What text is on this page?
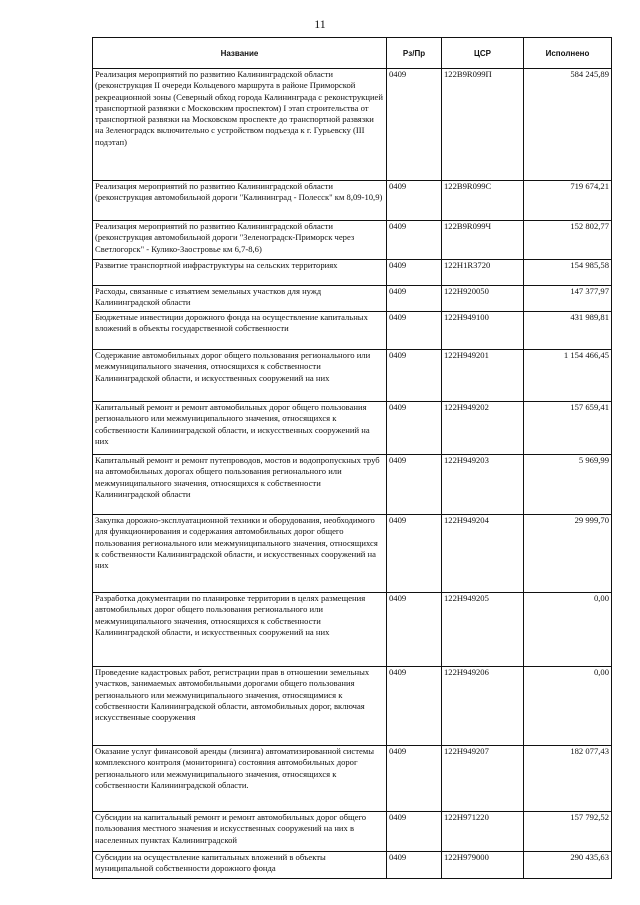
11
Название	Рз/Пр	ЦСР	Исполнено
Реализация мероприятий по развитию Калининградской области (реконструкция II очереди Кольцевого маршрута в районе Приморской рекреационной зоны (Северный обход города Калининграда с реконструкцией транспортной развязки с Московским проспектом) I этап строительства от транспортной развязки на Московском проспекте до транспортной развязки на Зеленоградск включительно с устройством подъезда к г. Гурьевску (III подэтап)	0409	122B9R099П	584 245,89
Реализация мероприятий по развитию Калининградской области (реконструкция автомобильной дороги "Калининград - Полесск" км 8,09-10,9)	0409	122B9R099C	719 674,21
Реализация мероприятий по развитию Калининградской области (реконструкция автомобильной дороги "Зеленоградск-Приморск через Светлогорск" - Кулико-Заостровье км 6,7-8,6)	0409	122B9R099Ч	152 802,77
Развитие транспортной инфраструктуры на сельских территориях	0409	122H1R3720	154 985,58
Расходы, связанные с изъятием земельных участков для нужд Калининградской области	0409	122H920050	147 377,97
Бюджетные инвестиции дорожного фонда на осуществление капитальных вложений в объекты государственной собственности	0409	122H949100	431 989,81
Содержание автомобильных дорог общего пользования регионального или межмуниципального значения, относящихся к собственности Калининградской области, и искусственных сооружений на них	0409	122H949201	1 154 466,45
Капитальный ремонт и ремонт автомобильных дорог общего пользования регионального или межмуниципального значения, относящихся к собственности Калининградской области, и искусственных сооружений на них	0409	122H949202	157 659,41
Капитальный ремонт и ремонт путепроводов, мостов и водопропускных труб на автомобильных дорогах общего пользования регионального или межмуниципального значения, относящихся к собственности Калининградской области	0409	122H949203	5 969,99
Закупка дорожно-эксплуатационной техники и оборудования, необходимого для функционирования и содержания автомобильных дорог общего пользования регионального или межмуниципального значения, относящихся к собственности Калининградской области, и искусственных сооружений на них	0409	122H949204	29 999,70
Разработка документации по планировке территории в целях размещения автомобильных дорог общего пользования регионального или межмуниципального значения, относящихся к собственности Калининградской области, и искусственных сооружений на них	0409	122H949205	0,00
Проведение кадастровых работ, регистрации прав в отношении земельных участков, занимаемых автомобильными дорогами общего пользования регионального или межмуниципального значения, относящимися к собственности Калининградской области, автомобильных дорог, включая искусственные сооружения	0409	122H949206	0,00
Оказание услуг финансовой аренды (лизинга) автоматизированной системы комплексного контроля (мониторинга) состояния автомобильных дорог регионального или межмуниципального значения, относящихся к собственности Калининградской области.	0409	122H949207	182 077,43
Субсидии на капитальный ремонт и ремонт автомобильных дорог общего пользования местного значения и искусственных сооружений на них в населенных пунктах Калининградской	0409	122H971220	157 792,52
Субсидии на осуществление капитальных вложений в объекты муниципальной собственности дорожного фонда	0409	122H979000	290 435,63
